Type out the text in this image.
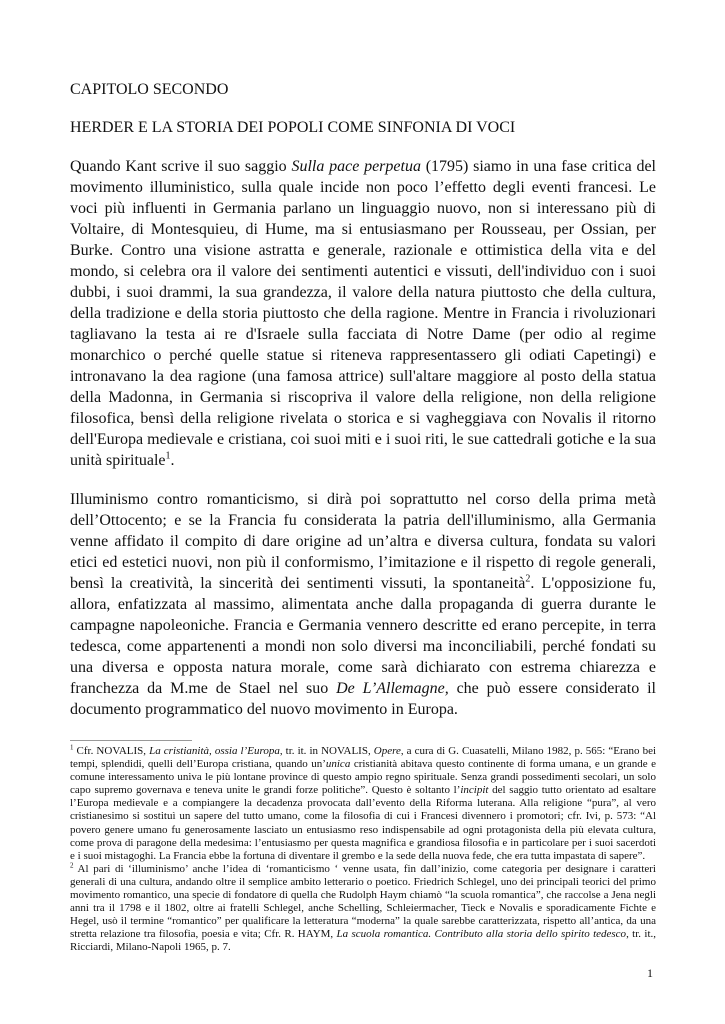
CAPITOLO SECONDO

HERDER E LA STORIA DEI POPOLI COME SINFONIA DI VOCI

Quando Kant scrive il suo saggio Sulla pace perpetua (1795) siamo in una fase critica del movimento illuministico, sulla quale incide non poco l’effetto degli eventi francesi. Le voci più influenti in Germania parlano un linguaggio nuovo, non si interessano più di Voltaire, di Montesquieu, di Hume, ma si entusiasmano per Rousseau, per Ossian, per Burke. Contro una visione astratta e generale, razionale e ottimistica della vita e del mondo, si celebra ora il valore dei sentimenti autentici e vissuti, dell'individuo con i suoi dubbi, i suoi drammi, la sua grandezza, il valore della natura piuttosto che della cultura, della tradizione e della storia piuttosto che della ragione. Mentre in Francia i rivoluzionari tagliavano la testa ai re d'Israele sulla facciata di Notre Dame (per odio al regime monarchico o perché quelle statue si riteneva rappresentassero gli odiati Capetingi) e intronavano la dea ragione (una famosa attrice) sull'altare maggiore al posto della statua della Madonna, in Germania si riscopriva il valore della religione, non della religione filosofica, bensì della religione rivelata o storica e si vagheggiava con Novalis il ritorno dell'Europa medievale e cristiana, coi suoi miti e i suoi riti, le sue cattedrali gotiche e la sua unità spirituale$^1$.

Illuminismo contro romanticismo, si dirà poi soprattutto nel corso della prima metà dell’Ottocento; e se la Francia fu considerata la patria dell'illuminismo, alla Germania venne affidato il compito di dare origine ad un’altra e diversa cultura, fondata su valori etici ed estetici nuovi, non più il conformismo, l’imitazione e il rispetto di regole generali, bensì la creatività, la sincerità dei sentimenti vissuti, la spontaneità$^2$. L'opposizione fu, allora, enfatizzata al massimo, alimentata anche dalla propaganda di guerra durante le campagne napoleoniche. Francia e Germania vennero descritte ed erano percepite, in terra tedesca, come appartenenti a mondi non solo diversi ma inconciliabili, perché fondati su una diversa e opposta natura morale, come sarà dichiarato con estrema chiarezza e franchezza da M.me de Stael nel suo De L’Allemagne, che può essere considerato il documento programmatico del nuovo movimento in Europa.

$^1$ Cfr. NOVALIS, La cristianità, ossia l’Europa, tr. it. in NOVALIS, Opere, a cura di G. Cuasatelli, Milano 1982, p. 565: “Erano bei tempi, splendidi, quelli dell’Europa cristiana, quando un’unica cristianità abitava questo continente di forma umana, e un grande e comune interessamento univa le più lontane province di questo ampio regno spirituale. Senza grandi possedimenti secolari, un solo capo supremo governava e teneva unite le grandi forze politiche”. Questo è soltanto l’incipit del saggio tutto orientato ad esaltare l’Europa medievale e a compiangere la decadenza provocata dall’evento della Riforma luterana. Alla religione “pura”, al vero cristianesimo si sostituì un sapere del tutto umano, come la filosofia di cui i Francesi divennero i promotori; cfr. Ivi, p. 573: “Al povero genere umano fu generosamente lasciato un entusiasmo reso indispensabile ad ogni protagonista della più elevata cultura, come prova di paragone della medesima: l’entusiasmo per questa magnifica e grandiosa filosofia e in particolare per i suoi sacerdoti e i suoi mistagoghi. La Francia ebbe la fortuna di diventare il grembo e la sede della nuova fede, che era tutta impastata di sapere”.

$^2$ Al pari di ‘illuminismo’ anche l’idea di ‘romanticismo ‘ venne usata, fin dall’inizio, come categoria per designare i caratteri generali di una cultura, andando oltre il semplice ambito letterario o poetico. Friedrich Schlegel, uno dei principali teorici del primo movimento romantico, una specie di fondatore di quella che Rudolph Haym chiamò “la scuola romantica”, che raccolse a Jena negli anni tra il 1798 e il 1802, oltre ai fratelli Schlegel, anche Schelling, Schleiermacher, Tieck e Novalis e sporadicamente Fichte e Hegel, usò il termine “romantico” per qualificare la letteratura “moderna” la quale sarebbe caratterizzata, rispetto all’antica, da una stretta relazione tra filosofia, poesia e vita; Cfr. R. HAYM, La scuola romantica. Contributo alla storia dello spirito tedesco, tr. it., Ricciardi, Milano-Napoli 1965, p. 7.

1
